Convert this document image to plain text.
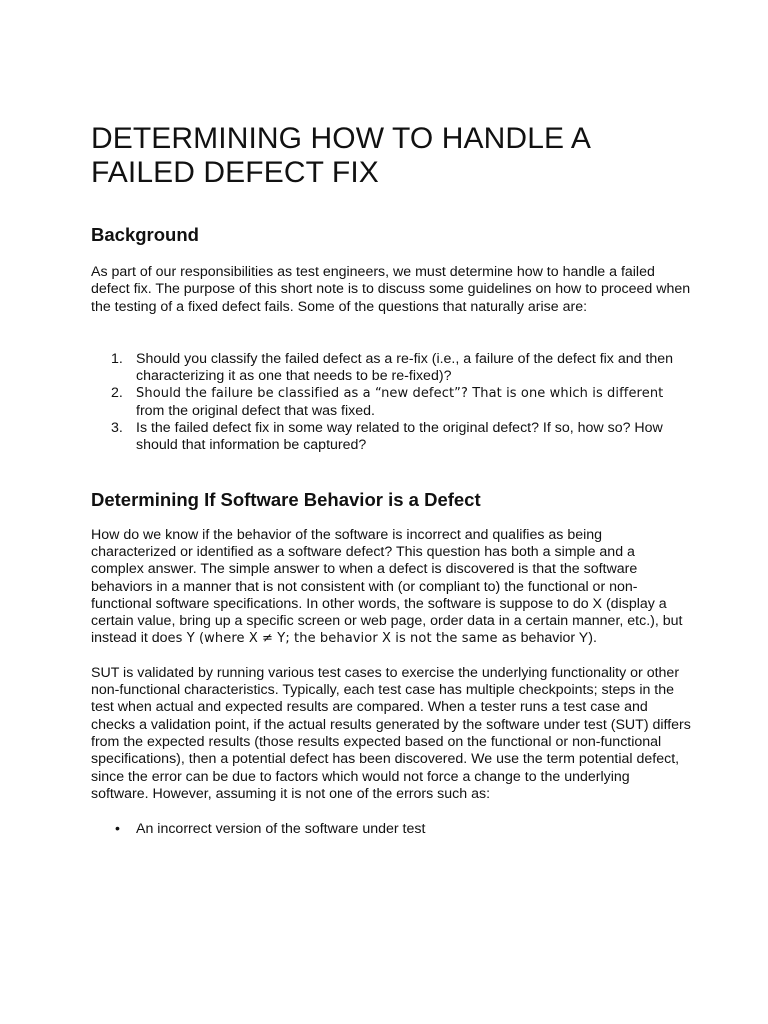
DETERMINING HOW TO HANDLE A FAILED DEFECT FIX
Background

As part of our responsibilities as test engineers, we must determine how to handle a failed defect fix. The purpose of this short note is to discuss some guidelines on how to proceed when the testing of a fixed defect fails. Some of the questions that naturally arise are:

1. Should you classify the failed defect as a re-fix (i.e., a failure of the defect fix and then characterizing it as one that needs to be re-fixed)?
2. Should the failure be classified as a “new defect”? That is one which is different from the original defect that was fixed.
3. Is the failed defect fix in some way related to the original defect? If so, how so? How should that information be captured?
Determining If Software Behavior is a Defect

How do we know if the behavior of the software is incorrect and qualifies as being characterized or identified as a software defect? This question has both a simple and a complex answer. The simple answer to when a defect is discovered is that the software behaviors in a manner that is not consistent with (or compliant to) the functional or non-functional software specifications. In other words, the software is suppose to do X (display a certain value, bring up a specific screen or web page, order data in a certain manner, etc.), but instead it does Y (where X ≠ Y; the behavior X is not the same as behavior Y).

SUT is validated by running various test cases to exercise the underlying functionality or other non-functional characteristics. Typically, each test case has multiple checkpoints; steps in the test when actual and expected results are compared. When a tester runs a test case and checks a validation point, if the actual results generated by the software under test (SUT) differs from the expected results (those results expected based on the functional or non-functional specifications), then a potential defect has been discovered. We use the term potential defect, since the error can be due to factors which would not force a change to the underlying software. However, assuming it is not one of the errors such as:

• An incorrect version of the software under test
